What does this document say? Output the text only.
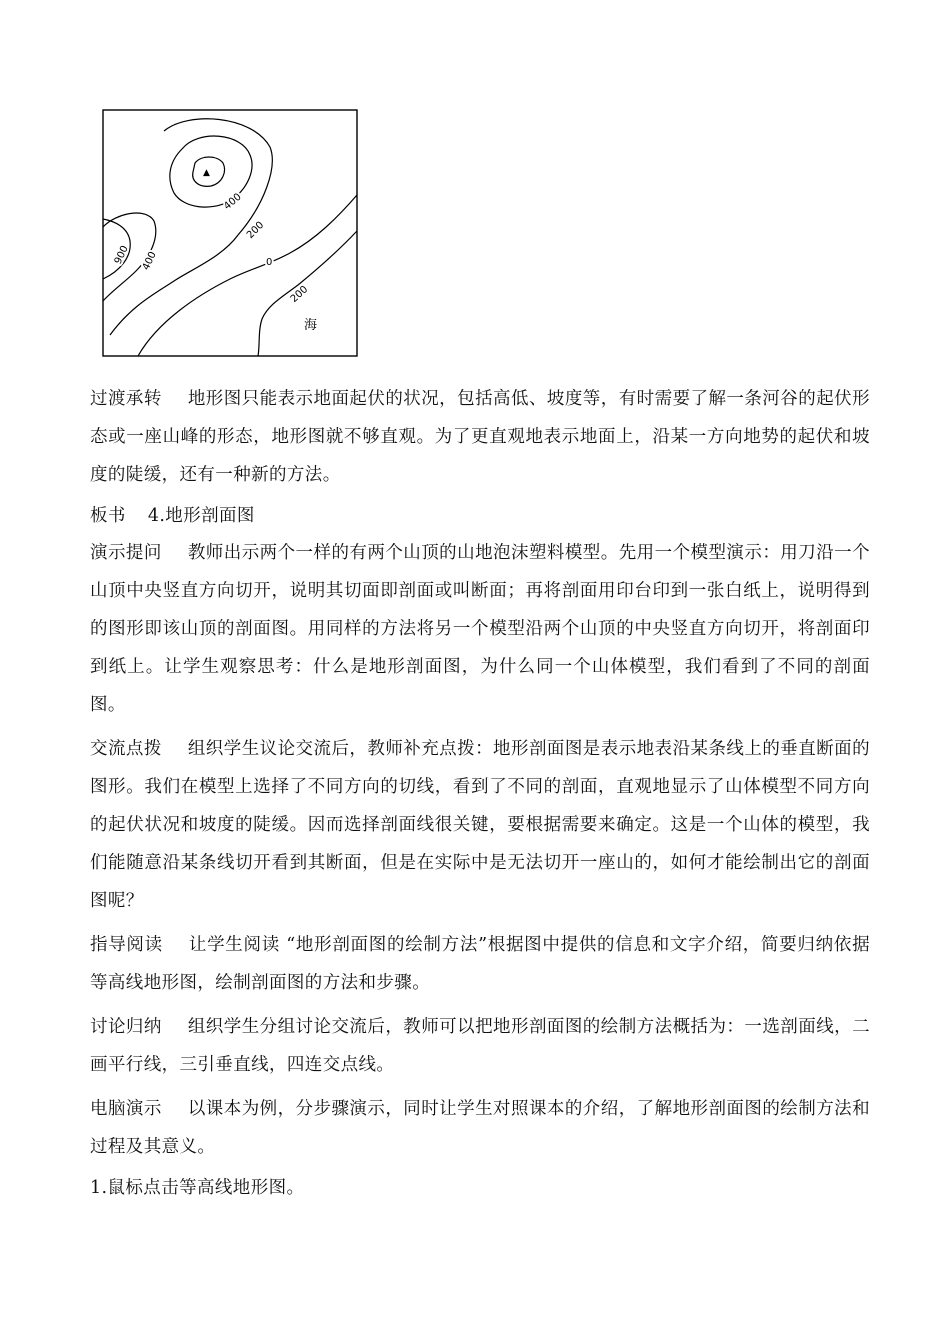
▲
400
200
900 400	0
200
海

过渡承转 地形图只能表示地面起伏的状况，包括高低、坡度等，有时需要了解一条河谷的起伏形态或一座山峰的形态，地形图就不够直观。为了更直观地表示地面上，沿某一方向地势的起伏和坡度的陡缓，还有一种新的方法。

板书 4.地形剖面图

演示提问 教师出示两个一样的有两个山顶的山地泡沫塑料模型。先用一个模型演示：用刀沿一个山顶中央竖直方向切开，说明其切面即剖面或叫断面；再将剖面用印台印到一张白纸上，说明得到的图形即该山顶的剖面图。用同样的方法将另一个模型沿两个山顶的中央竖直方向切开，将剖面印到纸上。让学生观察思考：什么是地形剖面图，为什么同一个山体模型，我们看到了不同的剖面图。

交流点拨 组织学生议论交流后，教师补充点拨：地形剖面图是表示地表沿某条线上的垂直断面的图形。我们在模型上选择了不同方向的切线，看到了不同的剖面，直观地显示了山体模型不同方向的起伏状况和坡度的陡缓。因而选择剖面线很关键，要根据需要来确定。这是一个山体的模型，我们能随意沿某条线切开看到其断面，但是在实际中是无法切开一座山的，如何才能绘制出它的剖面图呢？

指导阅读 让学生阅读 “地形剖面图的绘制方法”根据图中提供的信息和文字介绍，简要归纳依据等高线地形图，绘制剖面图的方法和步骤。

讨论归纳 组织学生分组讨论交流后，教师可以把地形剖面图的绘制方法概括为：一选剖面线，二画平行线，三引垂直线，四连交点线。

电脑演示 以课本为例，分步骤演示，同时让学生对照课本的介绍，了解地形剖面图的绘制方法和过程及其意义。

1.鼠标点击等高线地形图。
